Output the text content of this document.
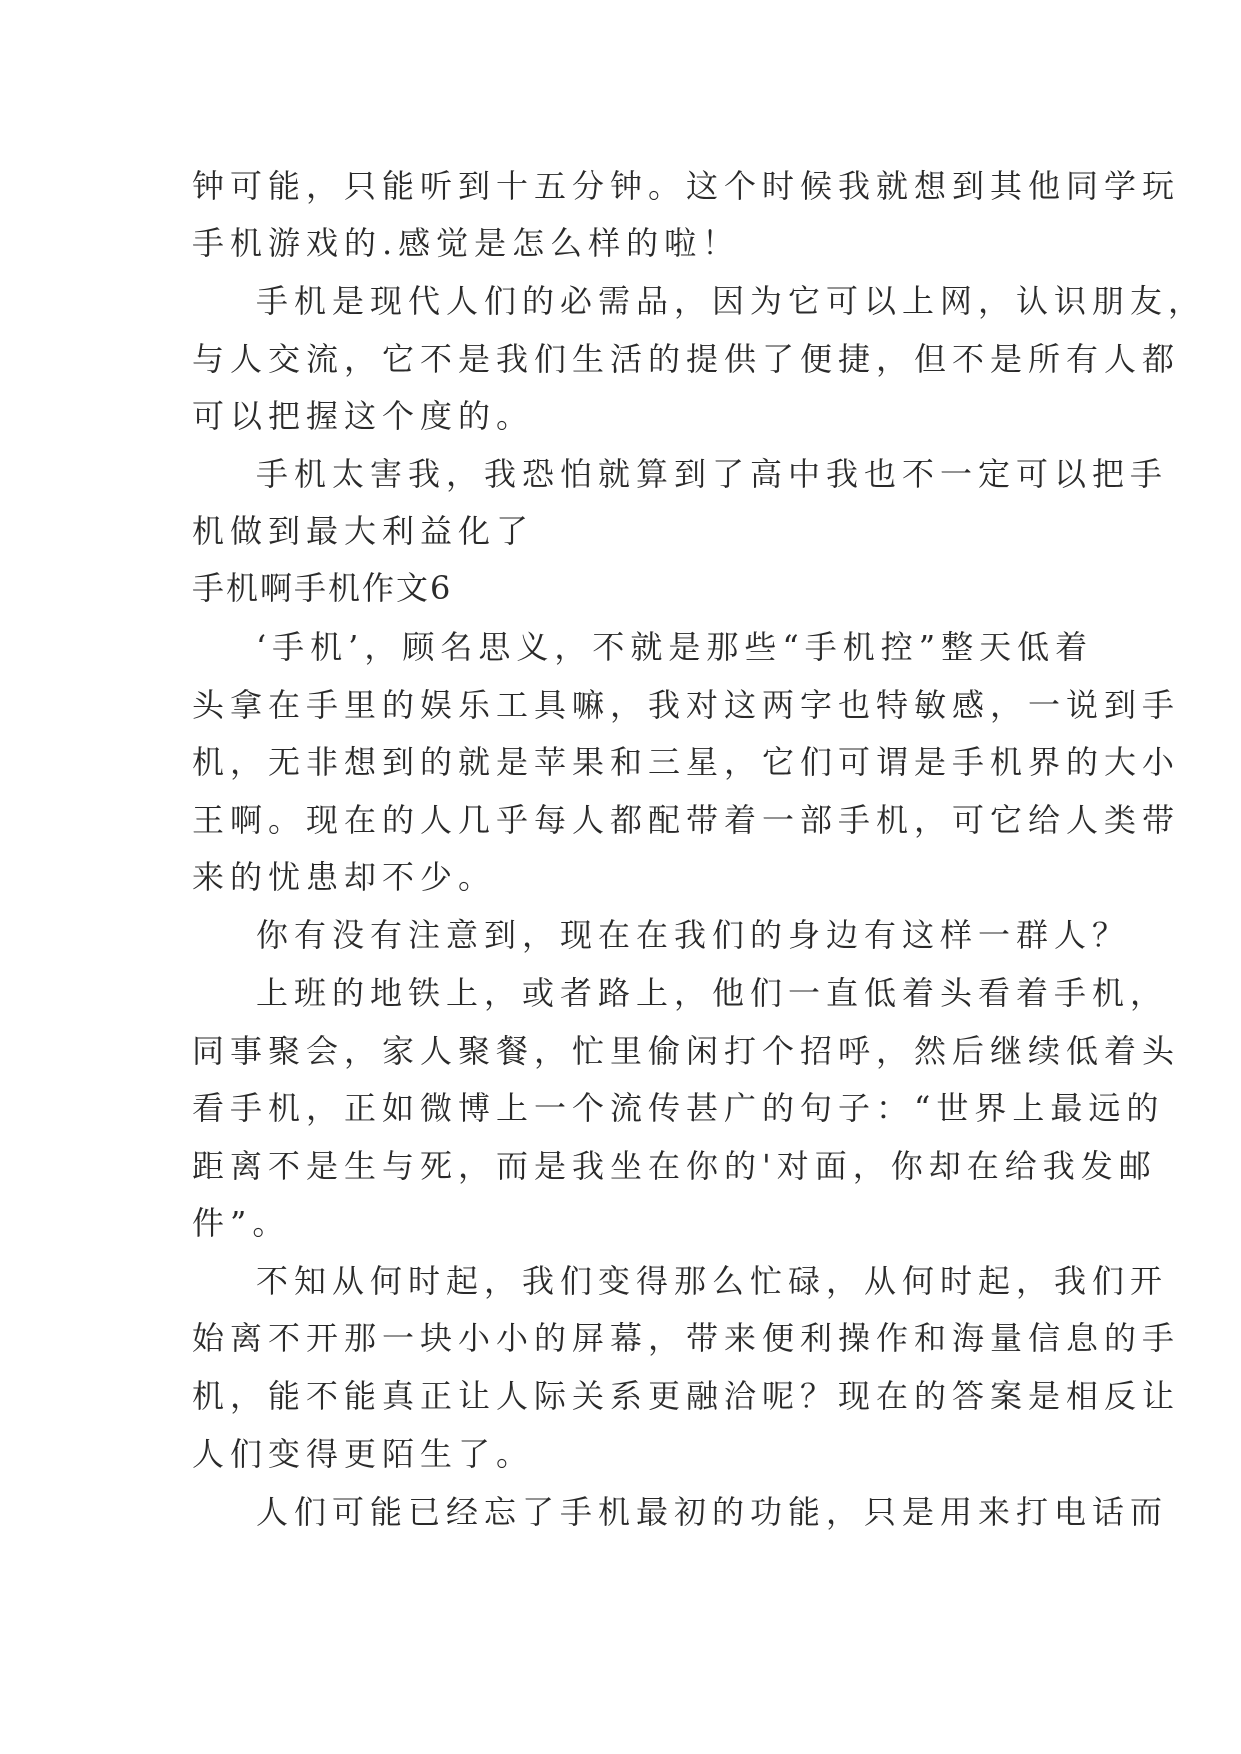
钟可能，只能听到十五分钟。这个时候我就想到其他同学玩

手机游戏的.感觉是怎么样的啦！

手机是现代人们的必需品，因为它可以上网，认识朋友，

与人交流，它不是我们生活的提供了便捷，但不是所有人都

可以把握这个度的。

手机太害我，我恐怕就算到了高中我也不一定可以把手

机做到最大利益化了

手机啊手机作文6

‘手机’，顾名思义，不就是那些“手机控”整天低着

头拿在手里的娱乐工具嘛，我对这两字也特敏感，一说到手

机，无非想到的就是苹果和三星，它们可谓是手机界的大小

王啊。现在的人几乎每人都配带着一部手机，可它给人类带

来的忧患却不少。

你有没有注意到，现在在我们的身边有这样一群人？

上班的地铁上，或者路上，他们一直低着头看着手机，

同事聚会，家人聚餐，忙里偷闲打个招呼，然后继续低着头

看手机，正如微博上一个流传甚广的句子：“世界上最远的

距离不是生与死，而是我坐在你的'对面，你却在给我发邮

件”。

不知从何时起，我们变得那么忙碌，从何时起，我们开

始离不开那一块小小的屏幕，带来便利操作和海量信息的手

机，能不能真正让人际关系更融洽呢？现在的答案是相反让

人们变得更陌生了。

人们可能已经忘了手机最初的功能，只是用来打电话而
